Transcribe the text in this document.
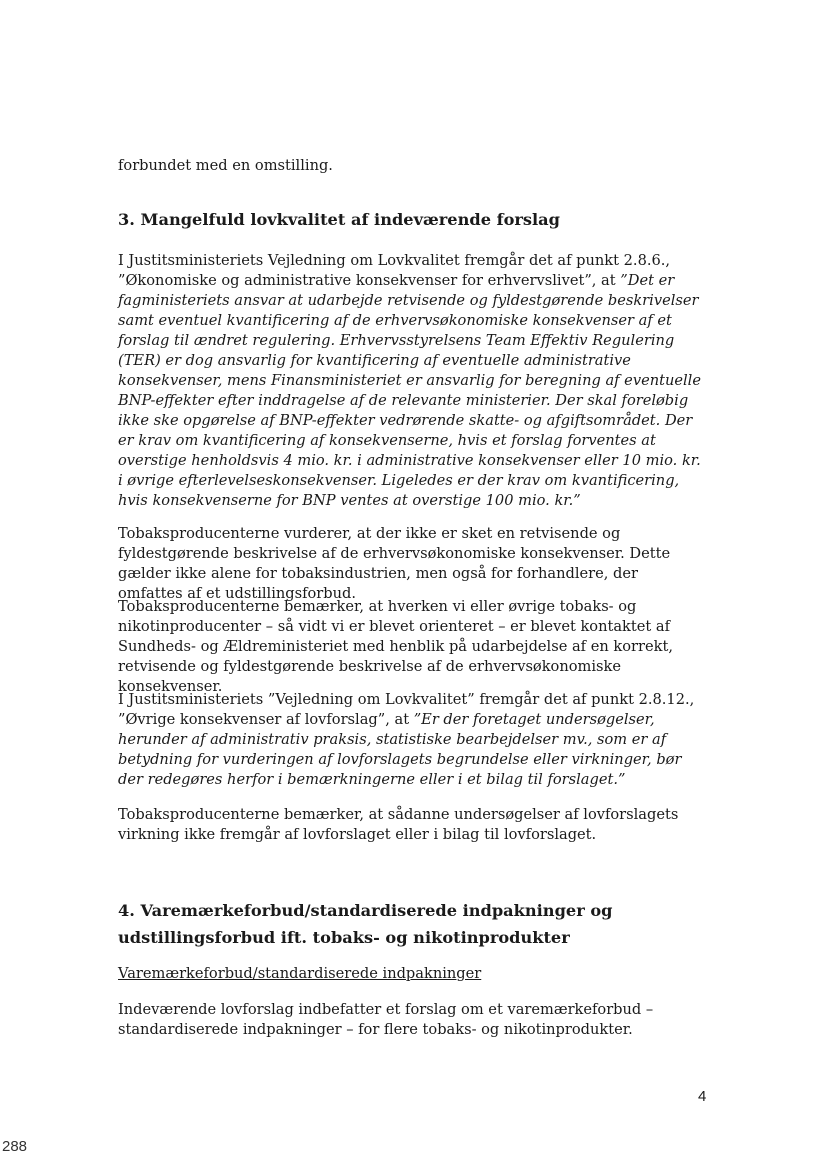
forbundet med en omstilling.

3. Mangelfuld lovkvalitet af indeværende forslag

I Justitsministeriets Vejledning om Lovkvalitet fremgår det af punkt 2.8.6., ”Økonomiske og administrative konsekvenser for erhvervslivet”, at ”Det er fagministeriets ansvar at udarbejde retvisende og fyldestgørende beskrivelser samt eventuel kvantificering af de erhvervsøkonomiske konsekvenser af et forslag til ændret regulering. Erhvervsstyrelsens Team Effektiv Regulering (TER) er dog ansvarlig for kvantificering af eventuelle administrative konsekvenser, mens Finansministeriet er ansvarlig for beregning af eventuelle BNP-effekter efter inddragelse af de relevante ministerier. Der skal foreløbig ikke ske opgørelse af BNP-effekter vedrørende skatte- og afgiftsområdet. Der er krav om kvantificering af konsekvenserne, hvis et forslag forventes at overstige henholdsvis 4 mio. kr. i administrative konsekvenser eller 10 mio. kr. i øvrige efterlevelseskonsekvenser. Ligeledes er der krav om kvantificering, hvis konsekvenserne for BNP ventes at overstige 100 mio. kr.”

Tobaksproducenterne vurderer, at der ikke er sket en retvisende og fyldestgørende beskrivelse af de erhvervsøkonomiske konsekvenser. Dette gælder ikke alene for tobaksindustrien, men også for forhandlere, der omfattes af et udstillingsforbud.

Tobaksproducenterne bemærker, at hverken vi eller øvrige tobaks- og nikotinproducenter – så vidt vi er blevet orienteret – er blevet kontaktet af Sundheds- og Ældreministeriet med henblik på udarbejdelse af en korrekt, retvisende og fyldestgørende beskrivelse af de erhvervsøkonomiske konsekvenser.

I Justitsministeriets ”Vejledning om Lovkvalitet” fremgår det af punkt 2.8.12., ”Øvrige konsekvenser af lovforslag”, at ”Er der foretaget undersøgelser, herunder af administrativ praksis, statistiske bearbejdelser mv., som er af betydning for vurderingen af lovforslagets begrundelse eller virkninger, bør der redegøres herfor i bemærkningerne eller i et bilag til forslaget.”

Tobaksproducenterne bemærker, at sådanne undersøgelser af lovforslagets virkning ikke fremgår af lovforslaget eller i bilag til lovforslaget.

4. Varemærkeforbud/standardiserede indpakninger og udstillingsforbud ift. tobaks- og nikotinprodukter

Varemærkeforbud/standardiserede indpakninger

Indeværende lovforslag indbefatter et forslag om et varemærkeforbud – standardiserede indpakninger – for flere tobaks- og nikotinprodukter.

4
288
